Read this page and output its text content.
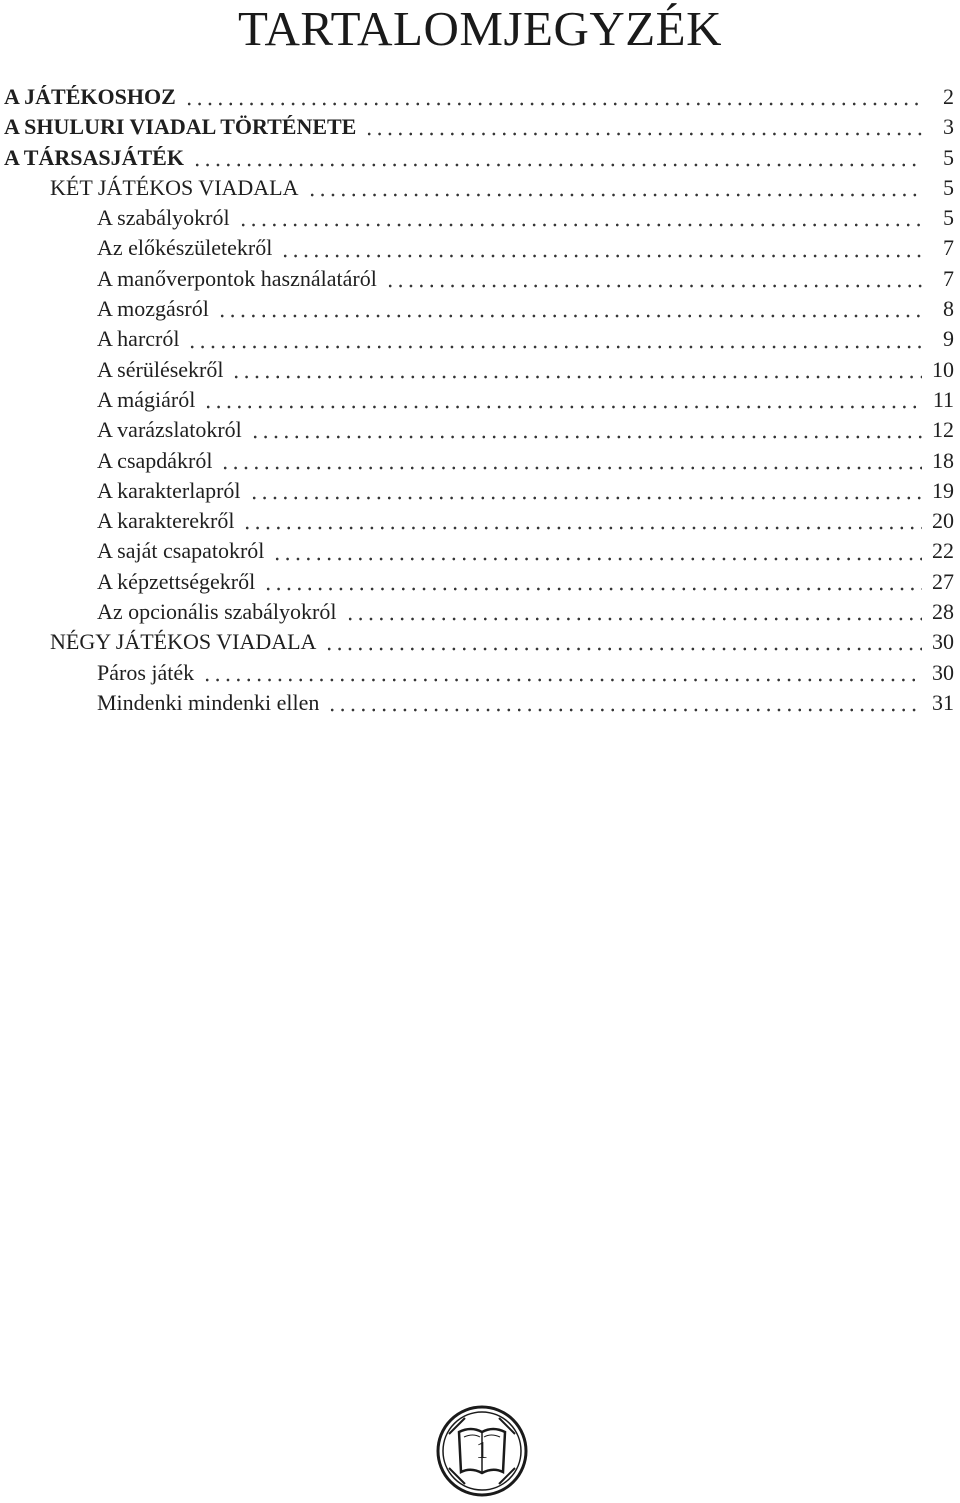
TARTALOMJEGYZÉK
A JÁTÉKOSHOZ	2
A SHULURI VIADAL TÖRTÉNETE	3
A TÁRSASJÁTÉK	5
KÉT JÁTÉKOS VIADALA	5
A szabályokról	5
Az előkészületekről	7
A manőverpontok használatáról	7
A mozgásról	8
A harcról	9
A sérülésekről	10
A mágiáról	11
A varázslatokról	12
A csapdákról	18
A karakterlapról	19
A karakterekről	20
A saját csapatokról	22
A képzettségekről	27
Az opcionális szabályokról	28
NÉGY JÁTÉKOS VIADALA	30
Páros játék	30
Mindenki mindenki ellen	31
1
